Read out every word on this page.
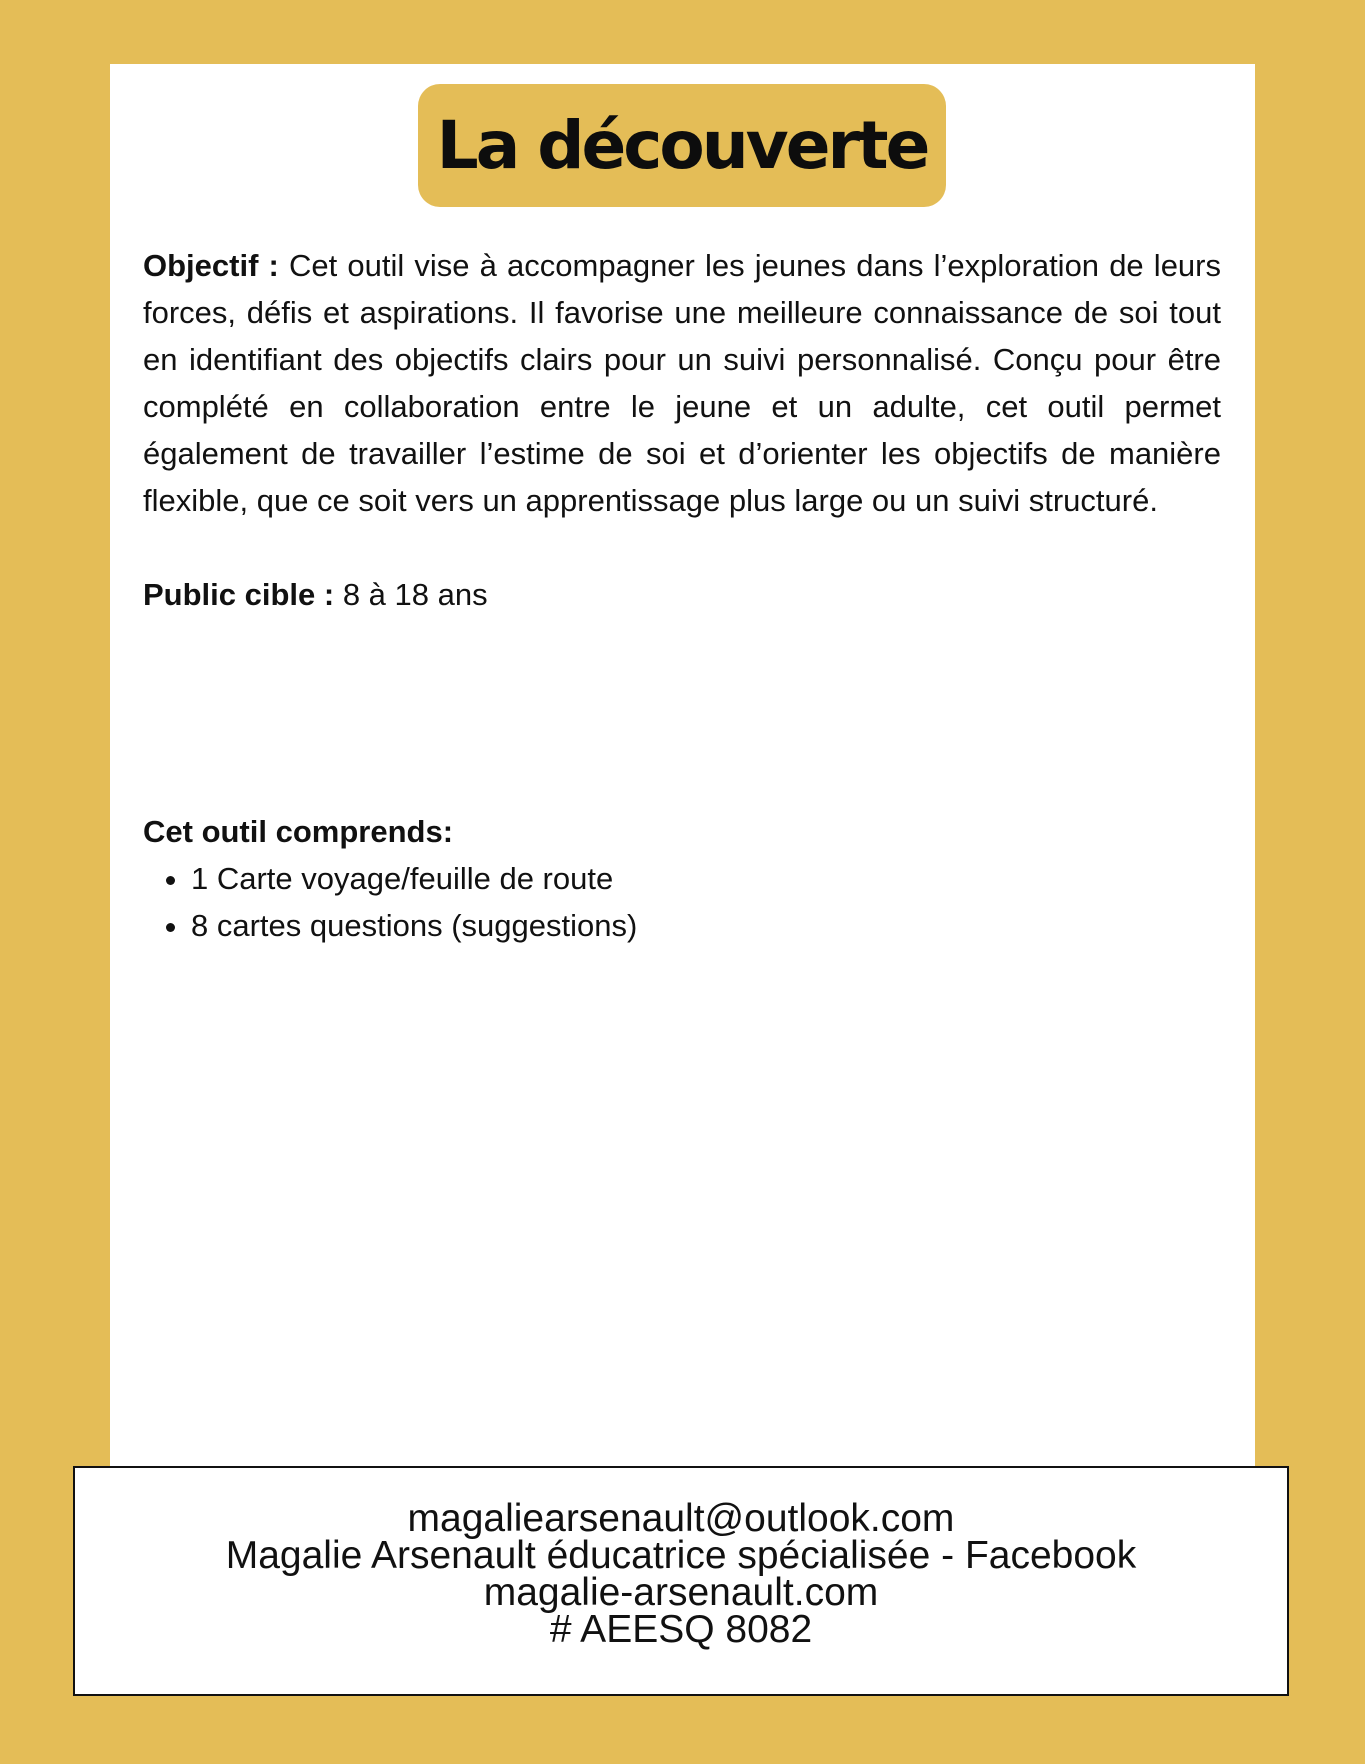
La découverte

Objectif : Cet outil vise à accompagner les jeunes dans l’exploration de leurs forces, défis et aspirations. Il favorise une meilleure connaissance de soi tout en identifiant des objectifs clairs pour un suivi personnalisé. Conçu pour être complété en collaboration entre le jeune et un adulte, cet outil permet également de travailler l’estime de soi et d’orienter les objectifs de manière flexible, que ce soit vers un apprentissage plus large ou un suivi structuré.

Public cible : 8 à 18 ans

Cet outil comprends:
• 1 Carte voyage/feuille de route
• 8 cartes questions (suggestions)
magaliearsenault@outlook.com
Magalie Arsenault éducatrice spécialisée - Facebook
magalie-arsenault.com
# AEESQ 8082
